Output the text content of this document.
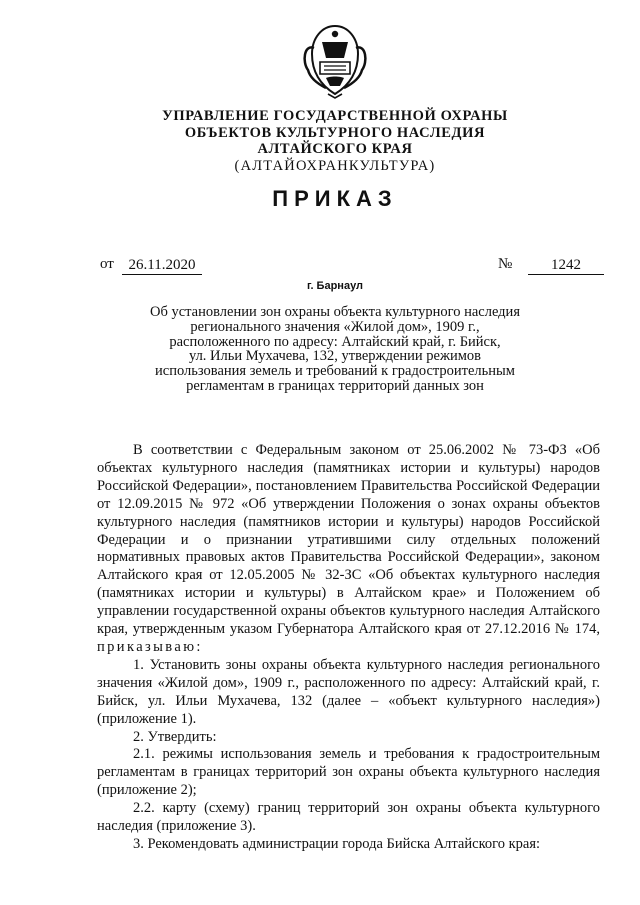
УПРАВЛЕНИЕ ГОСУДАРСТВЕННОЙ ОХРАНЫ
ОБЪЕКТОВ КУЛЬТУРНОГО НАСЛЕДИЯ
АЛТАЙСКОГО КРАЯ
(АЛТАЙОХРАНКУЛЬТУРА)
ПРИКАЗ
от 26.11.2020	№	1242
г. Барнаул
Об установлении зон охраны объекта культурного наследия
регионального значения «Жилой дом», 1909 г.,
расположенного по адресу: Алтайский край, г. Бийск,
ул. Ильи Мухачева, 132, утверждении режимов
использования земель и требований к градостроительным
регламентам в границах территорий данных зон

В соответствии с Федеральным законом от 25.06.2002 № 73-ФЗ «Об объектах культурного наследия (памятниках истории и культуры) народов Российской Федерации», постановлением Правительства Российской Федерации от 12.09.2015 № 972 «Об утверждении Положения о зонах охраны объектов культурного наследия (памятников истории и культуры) народов Российской Федерации и о признании утратившими силу отдельных положений нормативных правовых актов Правительства Российской Федерации», законом Алтайского края от 12.05.2005 № 32-ЗС «Об объектах культурного наследия (памятниках истории и культуры) в Алтайском крае» и Положением об управлении государственной охраны объектов культурного наследия Алтайского края, утвержденным указом Губернатора Алтайского края от 27.12.2016 № 174, приказываю:

1. Установить зоны охраны объекта культурного наследия регионального значения «Жилой дом», 1909 г., расположенного по адресу: Алтайский край, г. Бийск, ул. Ильи Мухачева, 132 (далее – «объект культурного наследия») (приложение 1).

2. Утвердить:

2.1. режимы использования земель и требования к градостроительным регламентам в границах территорий зон охраны объекта культурного наследия (приложение 2);

2.2. карту (схему) границ территорий зон охраны объекта культурного наследия (приложение 3).

3. Рекомендовать администрации города Бийска Алтайского края:
